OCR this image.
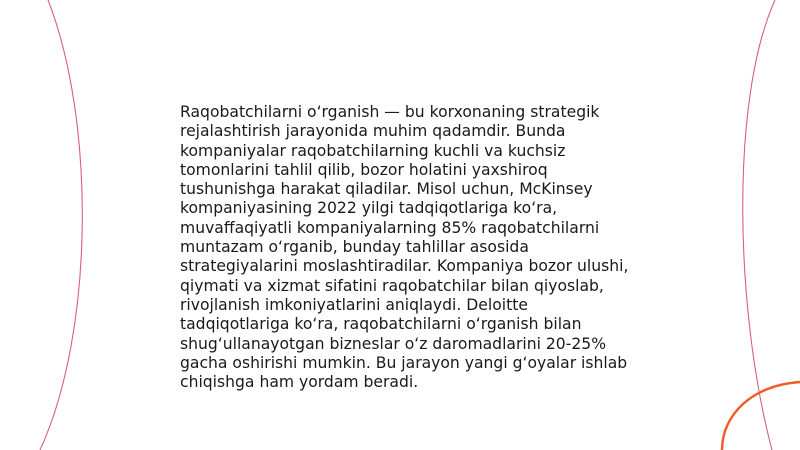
Raqobatchilarni o‘rganish — bu korxonaning strategik rejalashtirish jarayonida muhim qadamdir. Bunda kompaniyalar raqobatchilarning kuchli va kuchsiz tomonlarini tahlil qilib, bozor holatini yaxshiroq tushunishga harakat qiladilar. Misol uchun, McKinsey kompaniyasining 2022 yilgi tadqiqotlariga ko‘ra, muvaffaqiyatli kompaniyalarning 85% raqobatchilarni muntazam o‘rganib, bunday tahlillar asosida strategiyalarini moslashtiradilar. Kompaniya bozor ulushi, qiymati va xizmat sifatini raqobatchilar bilan qiyoslab, rivojlanish imkoniyatlarini aniqlaydi. Deloitte tadqiqotlariga ko‘ra, raqobatchilarni o‘rganish bilan shug‘ullanayotgan bizneslar o‘z daromadlarini 20-25% gacha oshirishi mumkin. Bu jarayon yangi g‘oyalar ishlab chiqishga ham yordam beradi.
